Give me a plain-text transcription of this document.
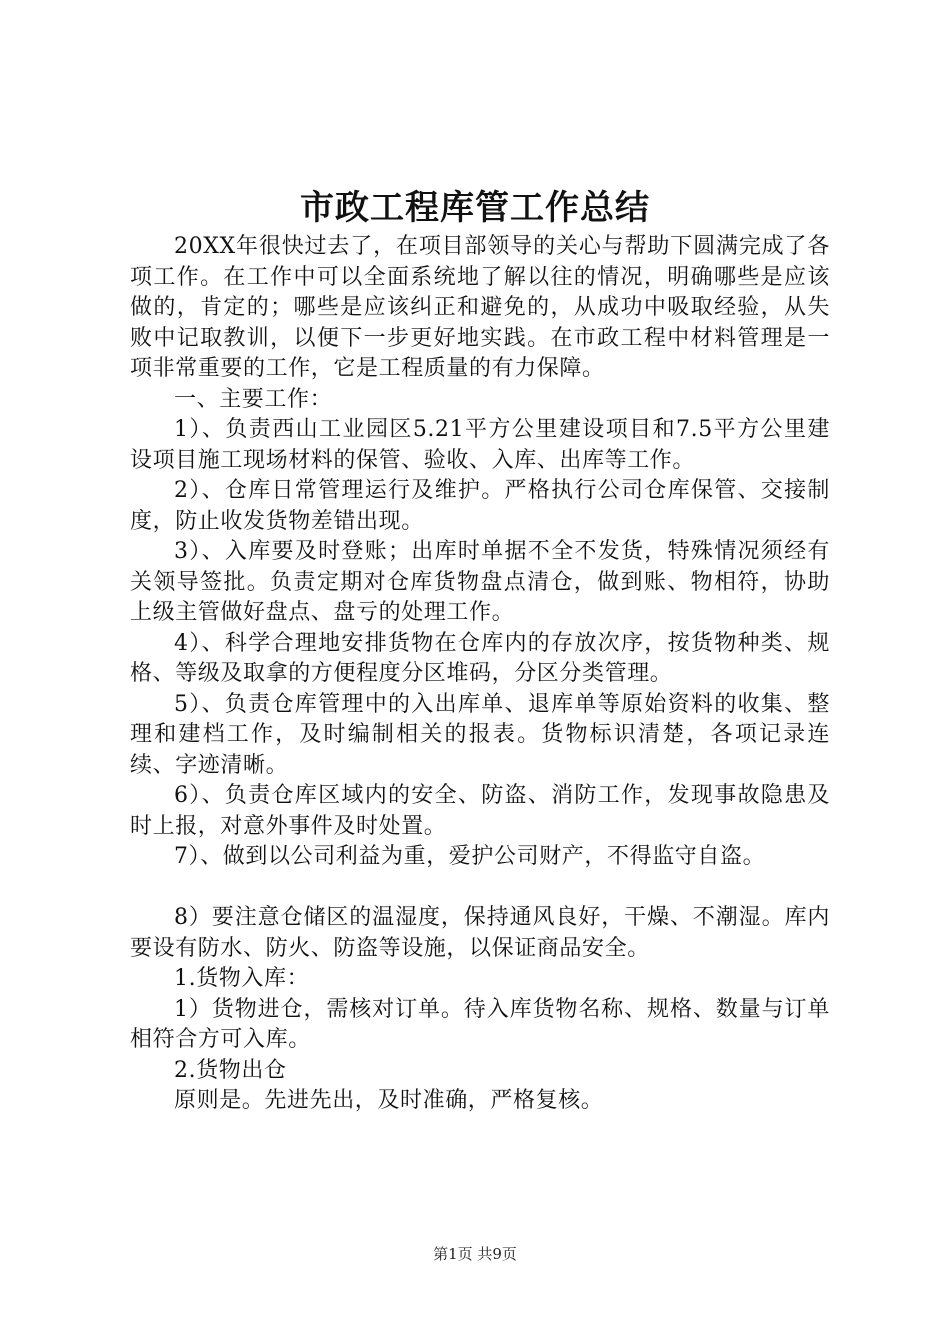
市政工程库管工作总结

20XX年很快过去了，在项目部领导的关心与帮助下圆满完成了各项工作。在工作中可以全面系统地了解以往的情况，明确哪些是应该做的，肯定的；哪些是应该纠正和避免的，从成功中吸取经验，从失败中记取教训，以便下一步更好地实践。在市政工程中材料管理是一项非常重要的工作，它是工程质量的有力保障。

一、主要工作：

1）、负责西山工业园区5.21平方公里建设项目和7.5平方公里建设项目施工现场材料的保管、验收、入库、出库等工作。

2）、仓库日常管理运行及维护。严格执行公司仓库保管、交接制度，防止收发货物差错出现。

3）、入库要及时登账；出库时单据不全不发货，特殊情况须经有关领导签批。负责定期对仓库货物盘点清仓，做到账、物相符，协助上级主管做好盘点、盘亏的处理工作。

4）、科学合理地安排货物在仓库内的存放次序，按货物种类、规格、等级及取拿的方便程度分区堆码，分区分类管理。

5）、负责仓库管理中的入出库单、退库单等原始资料的收集、整理和建档工作，及时编制相关的报表。货物标识清楚，各项记录连续、字迹清晰。

6）、负责仓库区域内的安全、防盗、消防工作，发现事故隐患及时上报，对意外事件及时处置。

7）、做到以公司利益为重，爱护公司财产，不得监守自盗。

8）要注意仓储区的温湿度，保持通风良好，干燥、不潮湿。库内要设有防水、防火、防盗等设施，以保证商品安全。

1.货物入库：

1）货物进仓，需核对订单。待入库货物名称、规格、数量与订单相符合方可入库。

2.货物出仓

原则是。先进先出，及时准确，严格复核。

第1页 共9页
